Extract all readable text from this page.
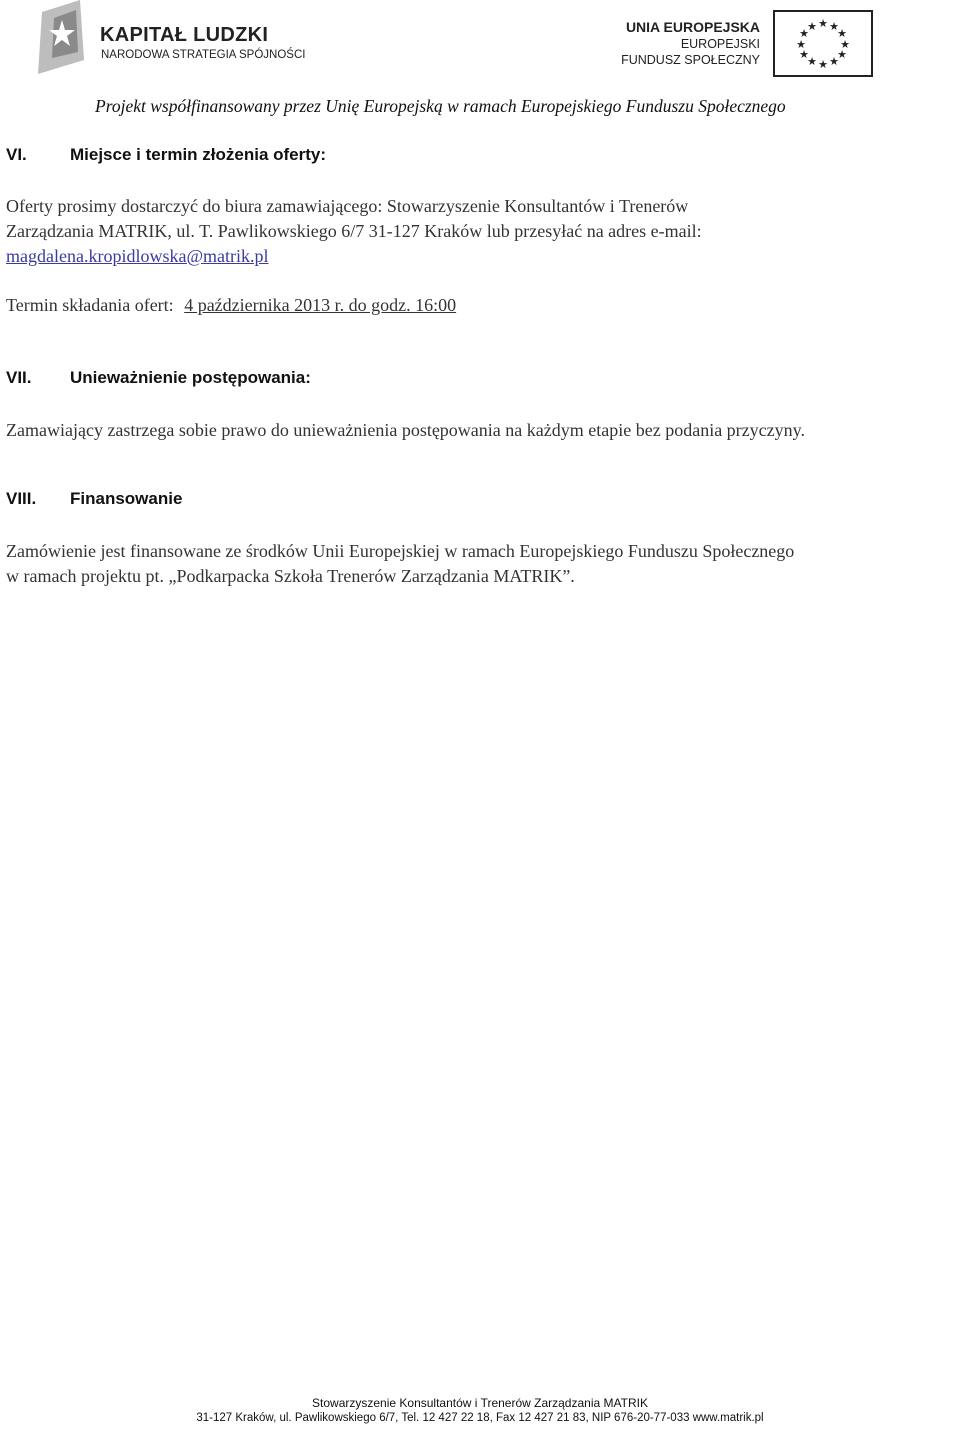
KAPITAŁ LUDZKI
NARODOWA STRATEGIA SPÓJNOŚCI
UNIA EUROPEJSKA
EUROPEJSKI
FUNDUSZ SPOŁECZNY
★ ★
★
★
★
★
★
★
★
★
★
★
Projekt współfinansowany przez Unię Europejską w ramach Europejskiego Funduszu Społecznego
VI.	Miejsce i termin złożenia oferty:
Oferty prosimy dostarczyć do biura zamawiającego: Stowarzyszenie Konsultantów i Trenerów
Zarządzania MATRIK, ul. T. Pawlikowskiego 6/7 31-127 Kraków lub przesyłać na adres e-mail:
magdalena.kropidlowska@matrik.pl
Termin składania ofert: 4 października 2013 r. do godz. 16:00
VII. Unieważnienie postępowania:
Zamawiający zastrzega sobie prawo do unieważnienia postępowania na każdym etapie bez podania przyczyny.
VIII. Finansowanie
Zamówienie jest finansowane ze środków Unii Europejskiej w ramach Europejskiego Funduszu Społecznego
w ramach projektu pt. „Podkarpacka Szkoła Trenerów Zarządzania MATRIK”.
Stowarzyszenie Konsultantów i Trenerów Zarządzania MATRIK
31-127 Kraków, ul. Pawlikowskiego 6/7, Tel. 12 427 22 18, Fax 12 427 21 83, NIP 676-20-77-033 www.matrik.pl
